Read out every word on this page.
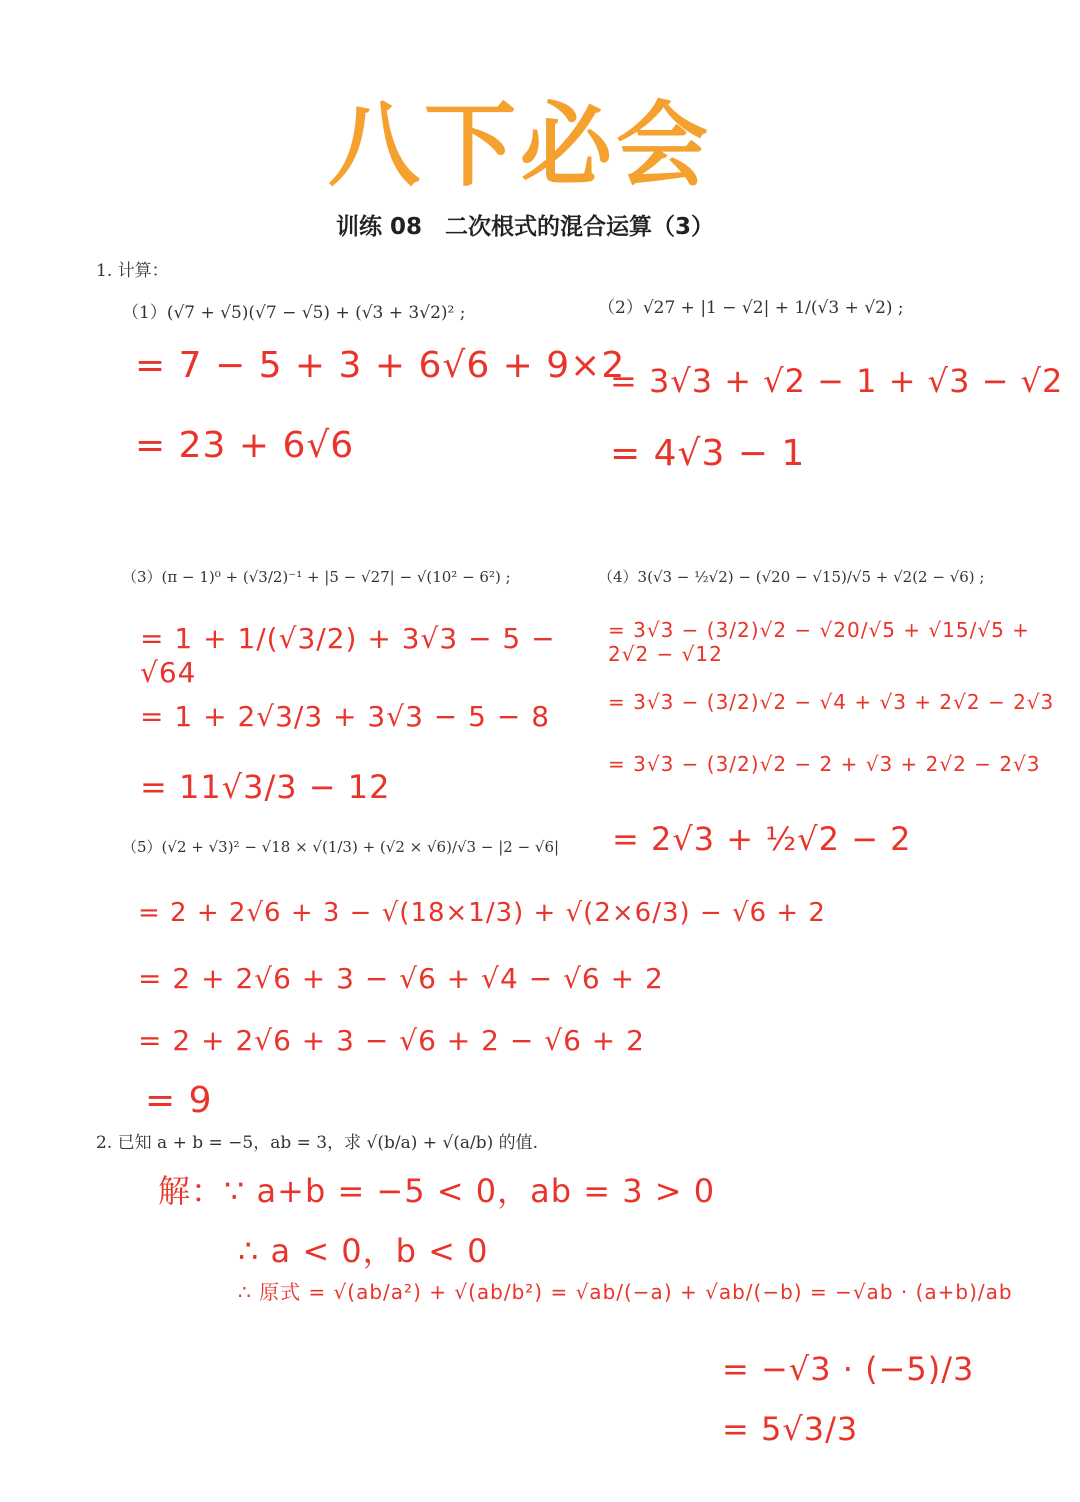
八下必会
训练 08　二次根式的混合运算（3）
1. 计算：
（1）(√7 + √5)(√7 − √5) + (√3 + 3√2)² ;
= 7 − 5 + 3 + 6√6 + 9×2
= 23 + 6√6
（2）√27 + |1 − √2| + 1/(√3 + √2) ;
= 3√3 + √2 − 1 + √3 − √2
= 4√3 − 1
（3）(π − 1)⁰ + (√3/2)⁻¹ + |5 − √27| − √(10² − 6²) ;
= 1 + 1/(√3/2) + 3√3 − 5 − √64
= 1 + 2√3/3 + 3√3 − 5 − 8
= 11√3/3 − 12
（4）3(√3 − ½√2) − (√20 − √15)/√5 + √2(2 − √6) ;
= 3√3 − (3/2)√2 − √20/√5 + √15/√5 + 2√2 − √12
= 3√3 − (3/2)√2 − √4 + √3 + 2√2 − 2√3
= 3√3 − (3/2)√2 − 2 + √3 + 2√2 − 2√3
= 2√3 + ½√2 − 2
（5）(√2 + √3)² − √18 × √(1/3) + (√2 × √6)/√3 − |2 − √6|
= 2 + 2√6 + 3 − √(18×1/3) + √(2×6/3) − √6 + 2
= 2 + 2√6 + 3 − √6 + √4 − √6 + 2
= 2 + 2√6 + 3 − √6 + 2 − √6 + 2
= 9
2. 已知 a + b = −5，ab = 3，求 √(b/a) + √(a/b) 的值.
解：∵ a+b = −5 < 0，ab = 3 > 0
∴ a < 0，b < 0
∴ 原式 = √(ab/a²) + √(ab/b²) = √ab/(−a) + √ab/(−b) = −√ab · (a+b)/ab
= −√3 · (−5)/3
= 5√3/3
